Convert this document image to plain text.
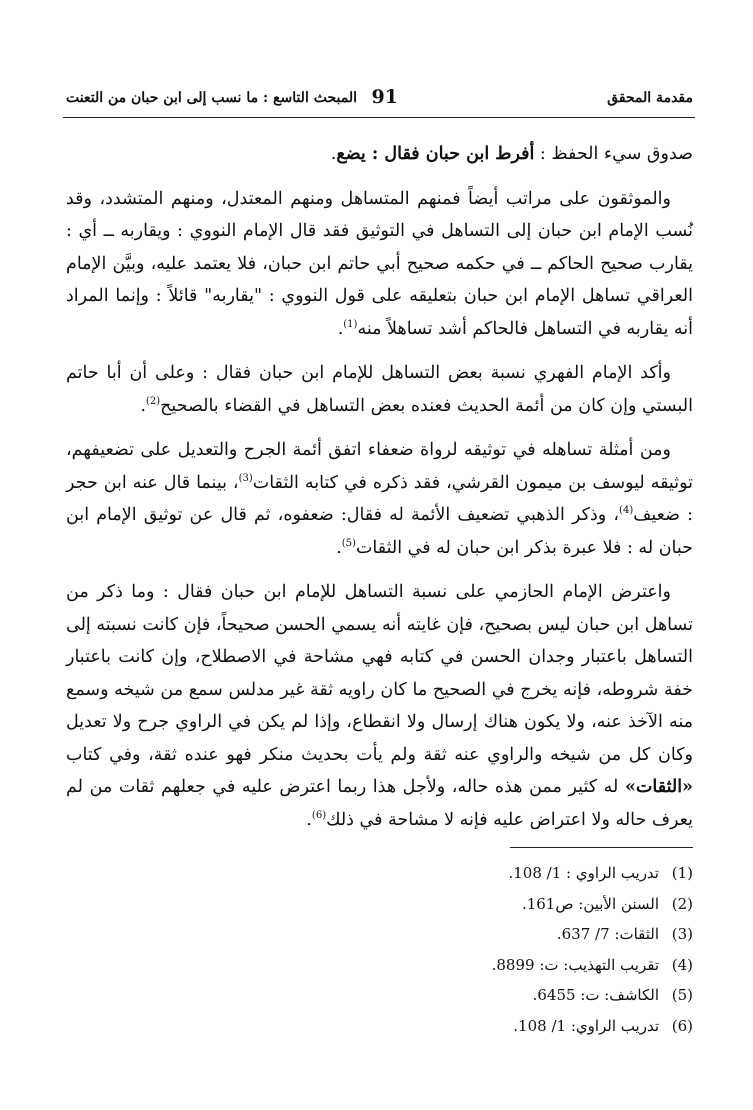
مقدمة المحقق
91
المبحث التاسع : ما نسب إلى ابن حبان من التعنت

صدوق سيء الحفظ : أفرط ابن حبان فقال : يضع.

والموثقون على مراتب أيضاً فمنهم المتساهل ومنهم المعتدل، ومنهم المتشدد، وقد نُسب الإمام ابن حبان إلى التساهل في التوثيق فقد قال الإمام النووي : ويقاربه ــ أي : يقارب صحيح الحاكم ــ في حكمه صحيح أبي حاتم ابن حبان، فلا يعتمد عليه، وبيَّن الإمام العراقي تساهل الإمام ابن حبان بتعليقه على قول النووي : "يقاربه" قائلاً : وإنما المراد أنه يقاربه في التساهل فالحاكم أشد تساهلاً منه$^{(1)}$.

وأكد الإمام الفهري نسبة بعض التساهل للإمام ابن حبان فقال : وعلى أن أبا حاتم البستي وإن كان من أئمة الحديث فعنده بعض التساهل في القضاء بالصحيح$^{(2)}$.

ومن أمثلة تساهله في توثيقه لرواة ضعفاء اتفق أئمة الجرح والتعديل على تضعيفهم، توثيقه ليوسف بن ميمون القرشي، فقد ذكره في كتابه الثقات$^{(3)}$، بينما قال عنه ابن حجر : ضعيف$^{(4)}$، وذكر الذهبي تضعيف الأئمة له فقال: ضعفوه، ثم قال عن توثيق الإمام ابن حبان له : فلا عبرة بذكر ابن حبان له في الثقات$^{(5)}$.

واعترض الإمام الحازمي على نسبة التساهل للإمام ابن حبان فقال : وما ذكر من تساهل ابن حبان ليس بصحيح، فإن غايته أنه يسمي الحسن صحيحاً، فإن كانت نسبته إلى التساهل باعتبار وجدان الحسن في كتابه فهي مشاحة في الاصطلاح، وإن كانت باعتبار خفة شروطه، فإنه يخرج في الصحيح ما كان راويه ثقة غير مدلس سمع من شيخه وسمع منه الآخذ عنه، ولا يكون هناك إرسال ولا انقطاع، وإذا لم يكن في الراوي جرح ولا تعديل وكان كل من شيخه والراوي عنه ثقة ولم يأت بحديث منكر فهو عنده ثقة، وفي كتاب «الثقات» له كثير ممن هذه حاله، ولأجل هذا ربما اعترض عليه في جعلهم ثقات من لم يعرف حاله ولا اعتراض عليه فإنه لا مشاحة في ذلك$^{(6)}$.

(1)تدريب الراوي : 1/ 108.
(2)السنن الأبين: ص161.
(3)الثقات: 7/ 637.
(4)تقريب التهذيب: ت: 8899.
(5)الكاشف: ت: 6455.
(6)تدريب الراوي: 1/ 108.
